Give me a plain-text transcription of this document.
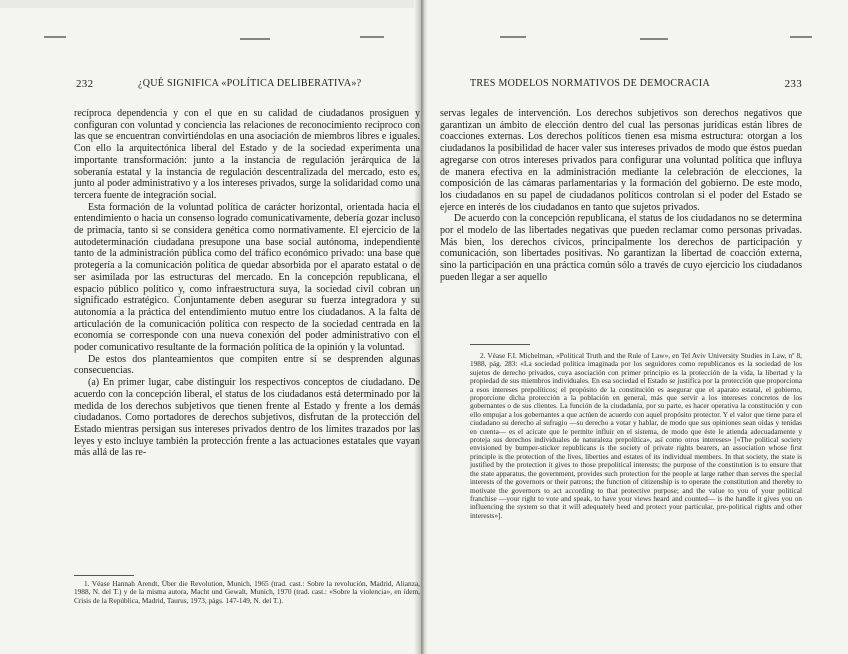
232	¿QUÉ SIGNIFICA «POLÍTICA DELIBERATIVA»?

recíproca dependencia y con el que en su calidad de ciudadanos prosiguen y configuran con voluntad y conciencia las relaciones de reconocimiento recíproco con las que se encuentran convirtiéndolas en una asociación de miembros libres e iguales. Con ello la arquitectónica liberal del Estado y de la sociedad experimenta una importante transformación: junto a la instancia de regulación jerárquica de la soberanía estatal y la instancia de regulación descentralizada del mercado, esto es, junto al poder administrativo y a los intereses privados, surge la solidaridad como una tercera fuente de integración social.

Esta formación de la voluntad política de carácter horizontal, orientada hacia el entendimiento o hacia un consenso logrado comunicativamente, debería gozar incluso de primacía, tanto si se considera genética como normativamente. El ejercicio de la autodeterminación ciudadana presupone una base social autónoma, independiente tanto de la administración pública como del tráfico económico privado: una base que protegería a la comunicación política de quedar absorbida por el aparato estatal o de ser asimilada por las estructuras del mercado. En la concepción republicana, el espacio público político y, como infraestructura suya, la sociedad civil cobran un significado estratégico. Conjuntamente deben asegurar su fuerza integradora y su autonomía a la práctica del entendimiento mutuo entre los ciudadanos. A la falta de articulación de la comunicación política con respecto de la sociedad centrada en la economía se corresponde con una nueva conexión del poder administrativo con el poder comunicativo resultante de la formación política de la opinión y la voluntad.

De estos dos planteamientos que compiten entre sí se desprenden algunas consecuencias.

(a) En primer lugar, cabe distinguir los respectivos conceptos de ciudadano. De acuerdo con la concepción liberal, el status de los ciudadanos está determinado por la medida de los derechos subjetivos que tienen frente al Estado y frente a los demás ciudadanos. Como portadores de derechos subjetivos, disfrutan de la protección del Estado mientras persigan sus intereses privados dentro de los límites trazados por las leyes y esto incluye también la protección frente a las actuaciones estatales que vayan más allá de las re-

1. Véase Hannah Arendt, Über die Revolution, Munich, 1965 (trad. cast.: Sobre la revolución, Madrid, Alianza, 1988, N. del T.) y de la misma autora, Macht und Gewalt, Munich, 1970 (trad. cast.: «Sobre la violencia», en ídem, Crisis de la República, Madrid, Taurus, 1973, págs. 147-149, N. del T.).

TRES MODELOS NORMATIVOS DE DEMOCRACIA	233

servas legales de intervención. Los derechos subjetivos son derechos negativos que garantizan un ámbito de elección dentro del cual las personas jurídicas están libres de coacciones externas. Los derechos políticos tienen esa misma estructura: otorgan a los ciudadanos la posibilidad de hacer valer sus intereses privados de modo que éstos puedan agregarse con otros intereses privados para configurar una voluntad política que influya de manera efectiva en la administración mediante la celebración de elecciones, la composición de las cámaras parlamentarias y la formación del gobierno. De este modo, los ciudadanos en su papel de ciudadanos políticos controlan si el poder del Estado se ejerce en interés de los ciudadanos en tanto que sujetos privados.

De acuerdo con la concepción republicana, el status de los ciudadanos no se determina por el modelo de las libertades negativas que pueden reclamar como personas privadas. Más bien, los derechos cívicos, principalmente los derechos de participación y comunicación, son libertades positivas. No garantizan la libertad de coacción externa, sino la participación en una práctica común sólo a través de cuyo ejercicio los ciudadanos pueden llegar a ser aquello

2. Véase F.I. Michelman, «Political Truth and the Rule of Law», en Tel Aviv University Studies in Law, nº 8, 1988, pág. 283: «La sociedad política imaginada por los seguidores como republicanos es la sociedad de los sujetos de derecho privados, cuya asociación con primer principio es la protección de la vida, la libertad y la propiedad de sus miembros individuales. En esa sociedad el Estado se justifica por la protección que proporciona a esos intereses prepolíticos; el propósito de la constitución es asegurar que el aparato estatal, el gobierno, proporcione dicha protección a la población en general, más que servir a los intereses concretos de los gobernantes o de sus clientes. La función de la ciudadanía, por su parte, es hacer operativa la constitución y con ello empujar a los gobernantes a que actúen de acuerdo con aquel propósito protector. Y el valor que tiene para el ciudadano su derecho al sufragio —su derecho a votar y hablar, de modo que sus opiniones sean oídas y tenidas en cuenta— es el acicate que le permite influir en el sistema, de modo que éste le atienda adecuadamente y proteja sus derechos individuales de naturaleza prepolítica», así como otros intereses» [«The political society envisioned by bumper-sticker republicans is the society of private rights bearers, an association whose first principle is the protection of the lives, liberties and estates of its individual members. In that society, the state is justified by the protection it gives to those prepolitical interests; the purpose of the constitution is to ensure that the state apparatus, the government, provides such protection for the people at large rather than serves the special interests of the governors or their patrons; the function of citizenship is to operate the constitution and thereby to motivate the governors to act according to that protective purpose; and the value to you of your political franchise —your right to vote and speak, to have your views heard and counted— is the handle it gives you on influencing the system so that it will adequately heed and protect your particular, pre-political rights and other interests»].
